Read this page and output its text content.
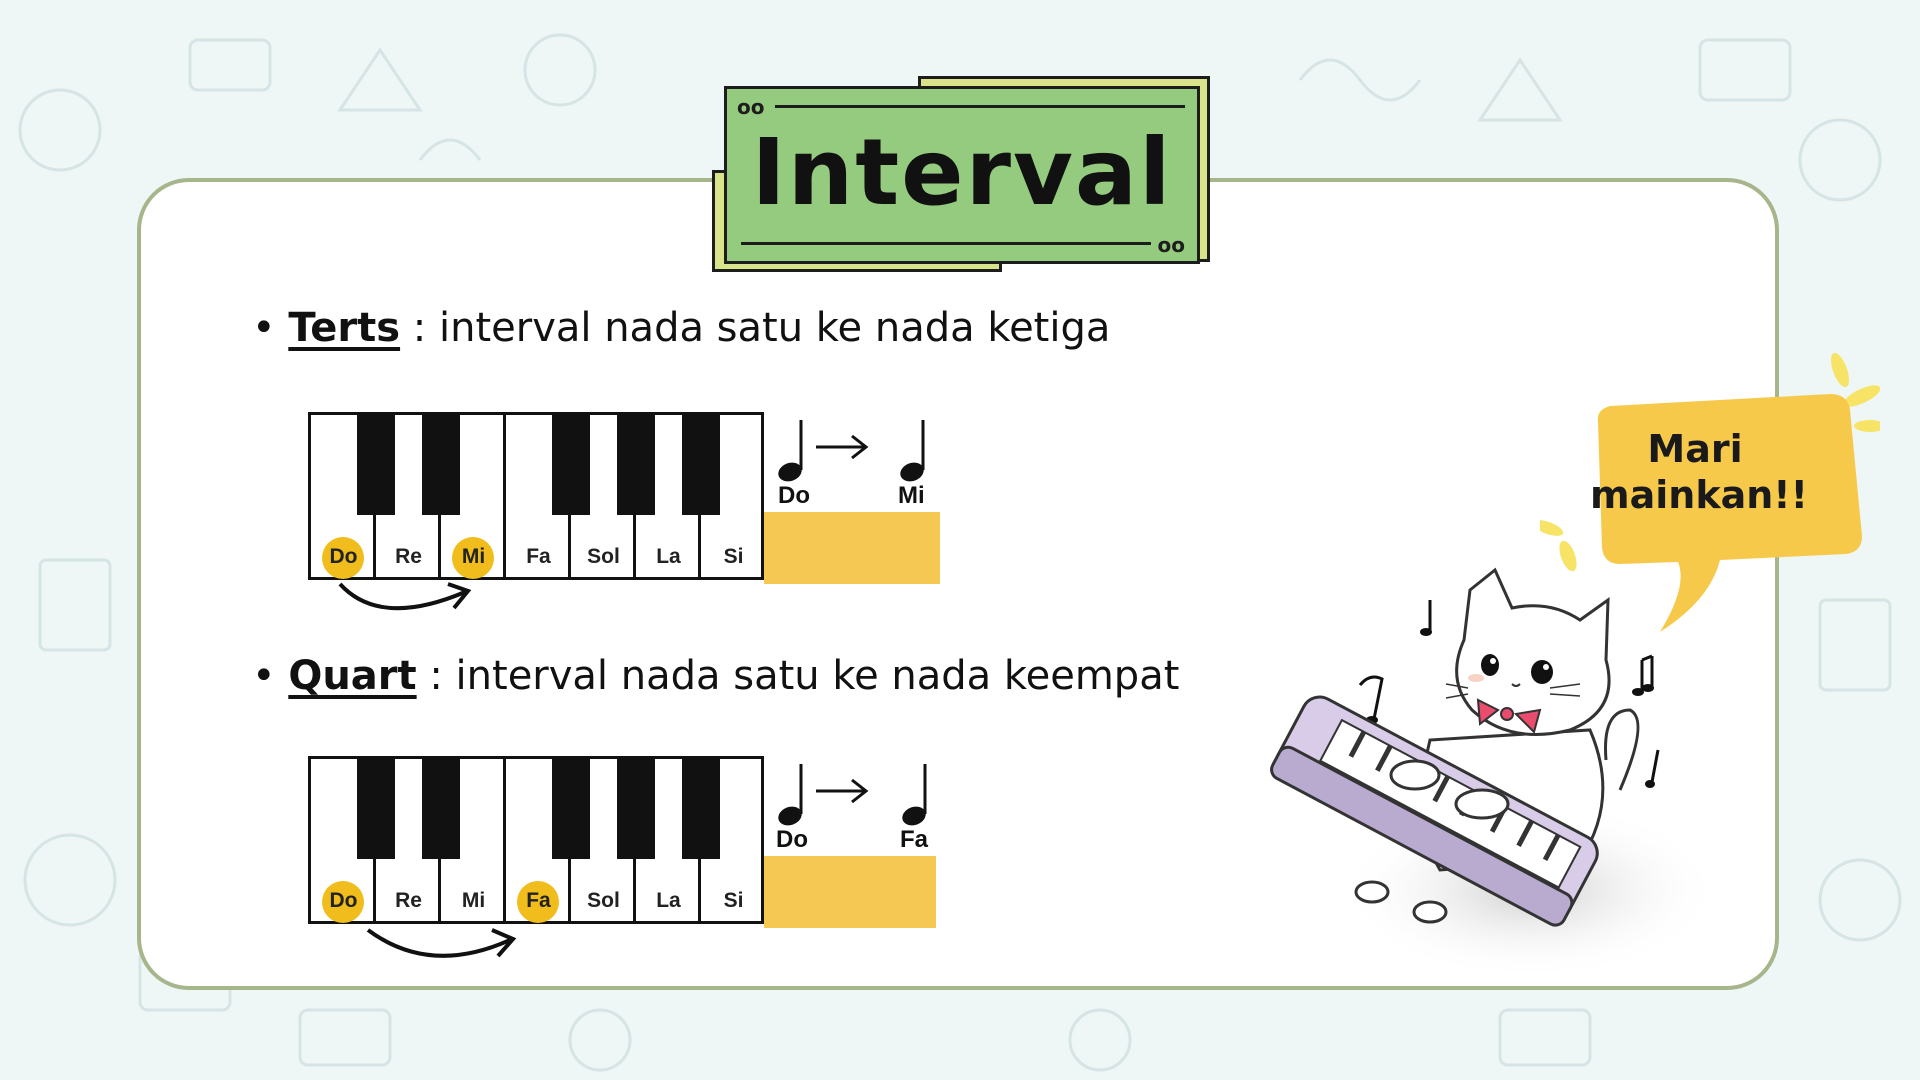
oo
Interval
oo
• Terts : interval nada satu ke nada ketiga
Do	Re	Mi	Fa	Sol	La	Si
Do	Mi
• Quart : interval nada satu ke nada keempat
Do	Re	Mi	Fa	Sol	La	Si
Do	Fa
Mari
mainkan!!
